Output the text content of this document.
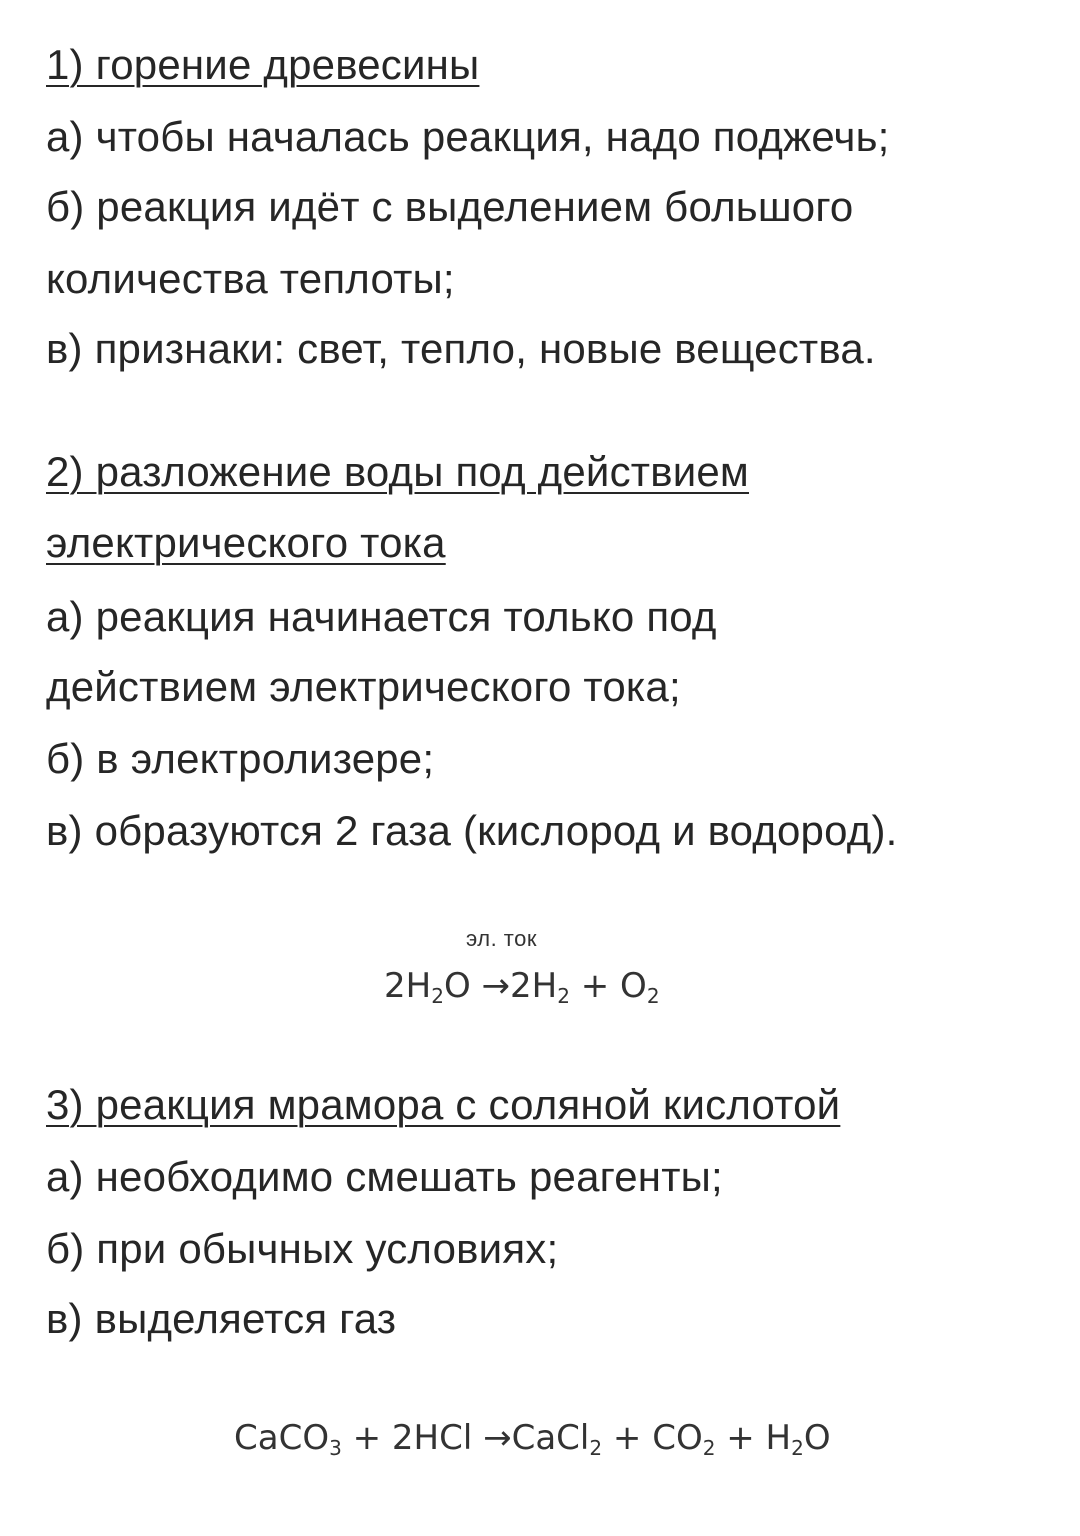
1) горение древесины
а) чтобы началась реакция, надо поджечь;
б) реакция идёт с выделением большого
количества теплоты;
в) признаки: свет, тепло, новые вещества.
2) разложение воды под действием
электрического тока
а) реакция начинается только под
действием электрического тока;
б) в электролизере;
в) образуются 2 газа (кислород и водород).
эл. ток
$2H_2O \to 2H_2 + O_2$
3) реакция мрамора с соляной кислотой
а) необходимо смешать реагенты;
б) при обычных условиях;
в) выделяется газ
CaCO$_3$ + 2HCl →CaCl$_2$ + $CO_2 + H_2O$
